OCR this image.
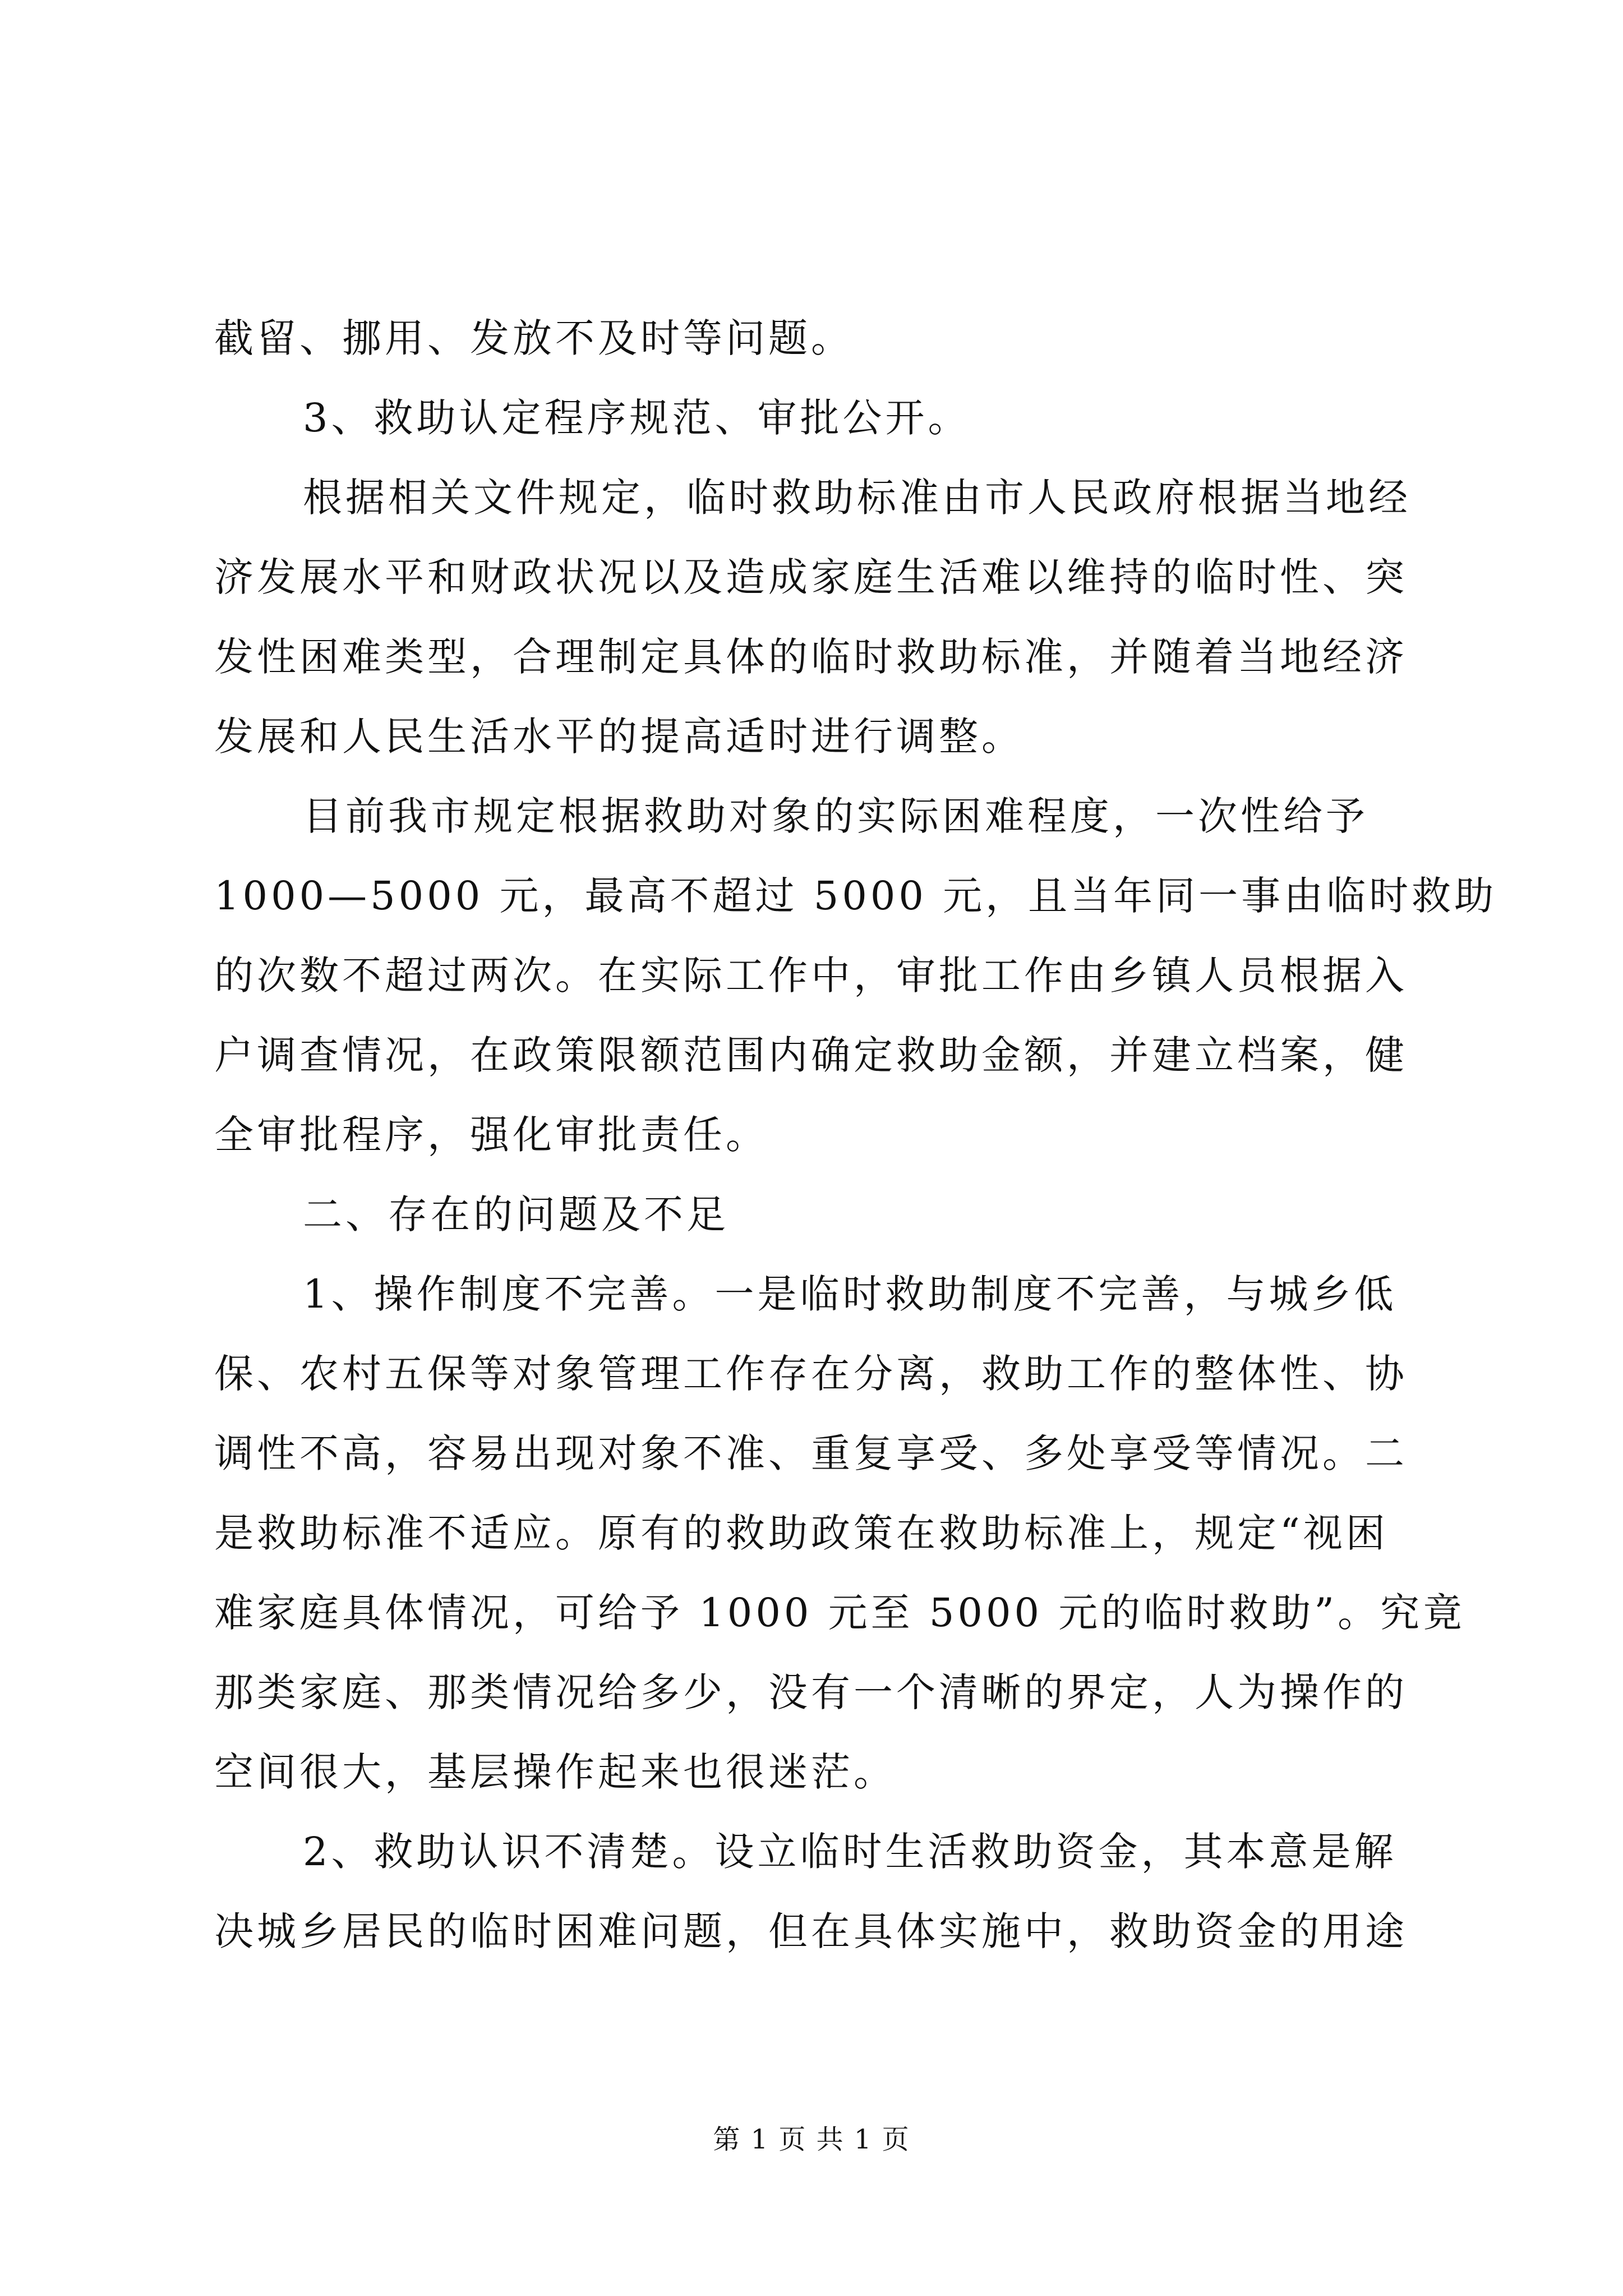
截留、挪用、发放不及时等问题。
3、救助认定程序规范、审批公开。
根据相关文件规定，临时救助标准由市人民政府根据当地经
济发展水平和财政状况以及造成家庭生活难以维持的临时性、突
发性困难类型，合理制定具体的临时救助标准，并随着当地经济
发展和人民生活水平的提高适时进行调整。
目前我市规定根据救助对象的实际困难程度，一次性给予
1000—5000 元，最高不超过 5000 元，且当年同一事由临时救助
的次数不超过两次。在实际工作中，审批工作由乡镇人员根据入
户调查情况，在政策限额范围内确定救助金额，并建立档案，健
全审批程序，强化审批责任。
二、存在的问题及不足
1、操作制度不完善。一是临时救助制度不完善，与城乡低
保、农村五保等对象管理工作存在分离，救助工作的整体性、协
调性不高，容易出现对象不准、重复享受、多处享受等情况。二
是救助标准不适应。原有的救助政策在救助标准上，规定“视困
难家庭具体情况，可给予 1000 元至 5000 元的临时救助”。究竟
那类家庭、那类情况给多少，没有一个清晰的界定，人为操作的
空间很大，基层操作起来也很迷茫。
2、救助认识不清楚。设立临时生活救助资金，其本意是解
决城乡居民的临时困难问题，但在具体实施中，救助资金的用途
第 1 页 共 1 页
